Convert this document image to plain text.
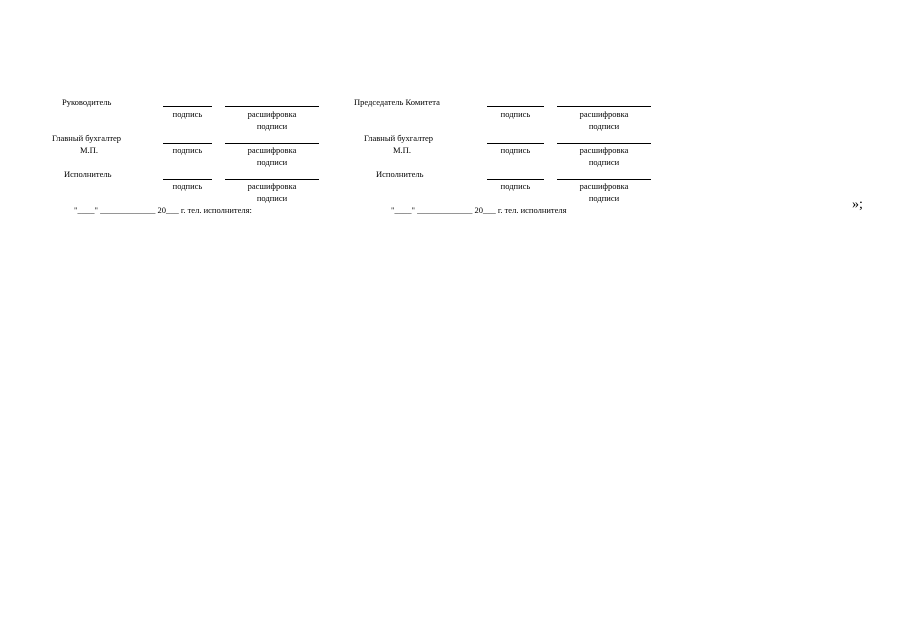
Руководитель
подпись	расшифровка
подписи
Главный бухгалтер
М.П.	подпись	расшифровка
подписи
Исполнитель
подпись	расшифровка
подписи
"____" _____________ 20___ г. тел. исполнителя:
Председатель Комитета
подпись	расшифровка
подписи
Главный бухгалтер
М.П.	подпись	расшифровка
подписи
Исполнитель
подпись	расшифровка
подписи
"____" _____________ 20___ г. тел. исполнителя	»;
